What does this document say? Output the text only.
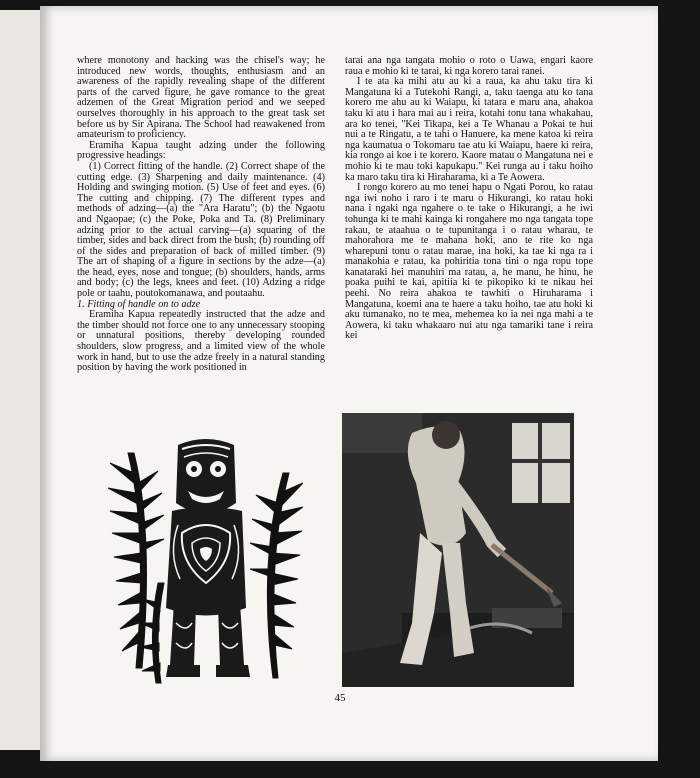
where monotony and hacking was the chisel's way; he introduced new words, thoughts, enthusiasm and an awareness of the rapidly revealing shape of the different parts of the carved figure, he gave romance to the great adzemen of the Great Migration period and we seeped ourselves thoroughly in his approach to the great task set before us by Sir Apirana. The School had reawakened from amateurism to proficiency.

Eramiha Kapua taught adzing under the following progressive headings:

(1) Correct fitting of the handle. (2) Correct shape of the cutting edge. (3) Sharpening and daily maintenance. (4) Holding and swinging motion. (5) Use of feet and eyes. (6) The cutting and chipping. (7) The different types and methods of adzing—(a) the "Ara Haratu"; (b) the Ngaotu and Ngaopae; (c) the Poke, Poka and Ta. (8) Preliminary adzing prior to the actual carving—(a) squaring of the timber, sides and back direct from the bush; (b) rounding off of the sides and preparation of back of milled timber. (9) The art of shaping of a figure in sections by the adze—(a) the head, eyes, nose and tongue; (b) shoulders, hands, arms and body; (c) the legs, knees and feet. (10) Adzing a ridge pole or taahu, poutokomanawa, and poutaahu.

1. Fitting of handle on to adze

Eramiha Kapua repeatedly instructed that the adze and the timber should not force one to any unnecessary stooping or unnatural positions, thereby developing rounded shoulders, slow progress, and a limited view of the whole work in hand, but to use the adze freely in a natural standing position by having the work positioned in

tarai ana nga tangata mohio o roto o Uawa, engari kaore raua e mohio ki te tarai, ki nga korero tarai ranei.

I te ata ka mihi atu au ki a raua, ka ahu taku tira ki Mangatuna ki a Tutekohi Rangi, a, taku taenga atu ko tana korero me ahu au ki Waiapu, ki tatara e maru ana, ahakoa taku ki atu i hara mai au i reira, kotahi tonu tana whakahau, ara ko tenei, "Kei Tikapa, kei a Te Whanau a Pokai te hui nui a te Ringatu, a te tahi o Hanuere, ka mene katoa ki reira nga kaumatua o Tokomaru tae atu ki Waiapu, haere ki reira, kia rongo ai koe i te korero. Kaore matau o Mangatuna nei e mohio ki te mau toki kapukapu." Kei runga au i taku hoiho ka maro taku tira ki Hiraharama, ki a Te Aowera.

I rongo korero au mo tenei hapu o Ngati Porou, ko ratau nga iwi noho i raro i te maru o Hikurangi, ko ratau hoki nana i ngaki nga ngahere o te take o Hikurangi, a he iwi tohunga ki te mahi kainga ki rongahere mo nga tangata tope rakau, te ataahua o te tupunitanga i o ratau wharau, te mahorahora me te mahana hoki, ano te rite ko nga wharepuni tonu o ratau marae, ina hoki, ka tae ki nga ra i manakohia e ratau, ka pohiritia tona tini o nga ropu tope kanataraki hei manuhiri ma ratau, a, he manu, he hinu, he poaka puihi te kai, apitiia ki te pikopiko ki te nikau hei peehi. No reira ahakoa te tawhiti o Hiruharama i Mangatuna, koemi ana te haere a taku hoiho, tae atu hoki ki aku tumanako, no te mea, mehemea ko ia nei nga mahi a te Aowera, ki taku whakaaro nui atu nga tamariki tane i reira kei

45
